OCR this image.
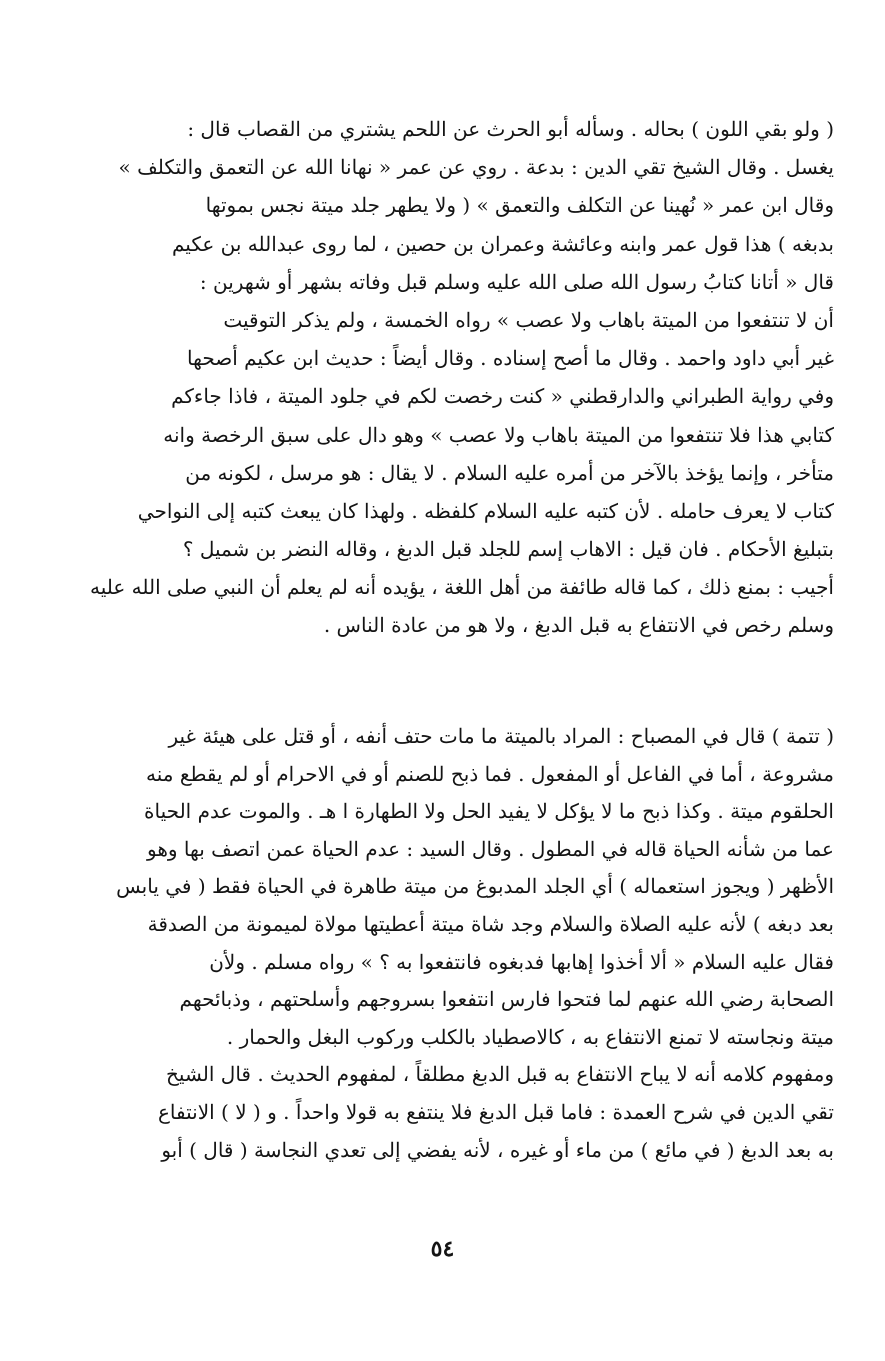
( ولو بقي اللون ) بحاله . وسأله أبو الحرث عن اللحم يشتري من القصاب قال :
يغسل . وقال الشيخ تقي الدين : بدعة . روي عن عمر « نهانا الله عن التعمق والتكلف »
وقال ابن عمر « نُهينا عن التكلف والتعمق » ( ولا يطهر جلد ميتة نجس بموتها
بدبغه ) هذا قول عمر وابنه وعائشة وعمران بن حصين ، لما روى عبدالله بن عكيم
قال « أتانا كتابُ رسول الله صلى الله عليه وسلم قبل وفاته بشهر أو شهرين :
أن لا تنتفعوا من الميتة باهاب ولا عصب » رواه الخمسة ، ولم يذكر التوقيت
غير أبي داود واحمد . وقال ما أصح إسناده . وقال أيضاً : حديث ابن عكيم أصحها
وفي رواية الطبراني والدارقطني « كنت رخصت لكم في جلود الميتة ، فاذا جاءكم
كتابي هذا فلا تنتفعوا من الميتة باهاب ولا عصب » وهو دال على سبق الرخصة وانه
متأخر ، وإنما يؤخذ بالآخر من أمره عليه السلام . لا يقال : هو مرسل ، لكونه من
كتاب لا يعرف حامله . لأن كتبه عليه السلام كلفظه . ولهذا كان يبعث كتبه إلى النواحي
بتبليغ الأحكام . فان قيل : الاهاب إسم للجلد قبل الدبغ ، وقاله النضر بن شميل ؟
أجيب : بمنع ذلك ، كما قاله طائفة من أهل اللغة ، يؤيده أنه لم يعلم أن النبي صلى الله عليه
وسلم رخص في الانتفاع به قبل الدبغ ، ولا هو من عادة الناس .
( تتمة ) قال في المصباح : المراد بالميتة ما مات حتف أنفه ، أو قتل على هيئة غير
مشروعة ، أما في الفاعل أو المفعول . فما ذبح للصنم أو في الاحرام أو لم يقطع منه
الحلقوم ميتة . وكذا ذبح ما لا يؤكل لا يفيد الحل ولا الطهارة ا هـ . والموت عدم الحياة
عما من شأنه الحياة قاله في المطول . وقال السيد : عدم الحياة عمن اتصف بها وهو
الأظهر ( ويجوز استعماله ) أي الجلد المدبوغ من ميتة طاهرة في الحياة فقط ( في يابس
بعد دبغه ) لأنه عليه الصلاة والسلام وجد شاة ميتة أعطيتها مولاة لميمونة من الصدقة
فقال عليه السلام « ألا أخذوا إهابها فدبغوه فانتفعوا به ؟ » رواه مسلم . ولأن
الصحابة رضي الله عنهم لما فتحوا فارس انتفعوا بسروجهم وأسلحتهم ، وذبائحهم
ميتة ونجاسته لا تمنع الانتفاع به ، كالاصطياد بالكلب وركوب البغل والحمار .
ومفهوم كلامه أنه لا يباح الانتفاع به قبل الدبغ مطلقاً ، لمفهوم الحديث . قال الشيخ
تقي الدين في شرح العمدة : فاما قبل الدبغ فلا ينتفع به قولا واحداً . و ( لا ) الانتفاع
به بعد الدبغ ( في مائع ) من ماء أو غيره ، لأنه يفضي إلى تعدي النجاسة ( قال ) أبو
٥٤
